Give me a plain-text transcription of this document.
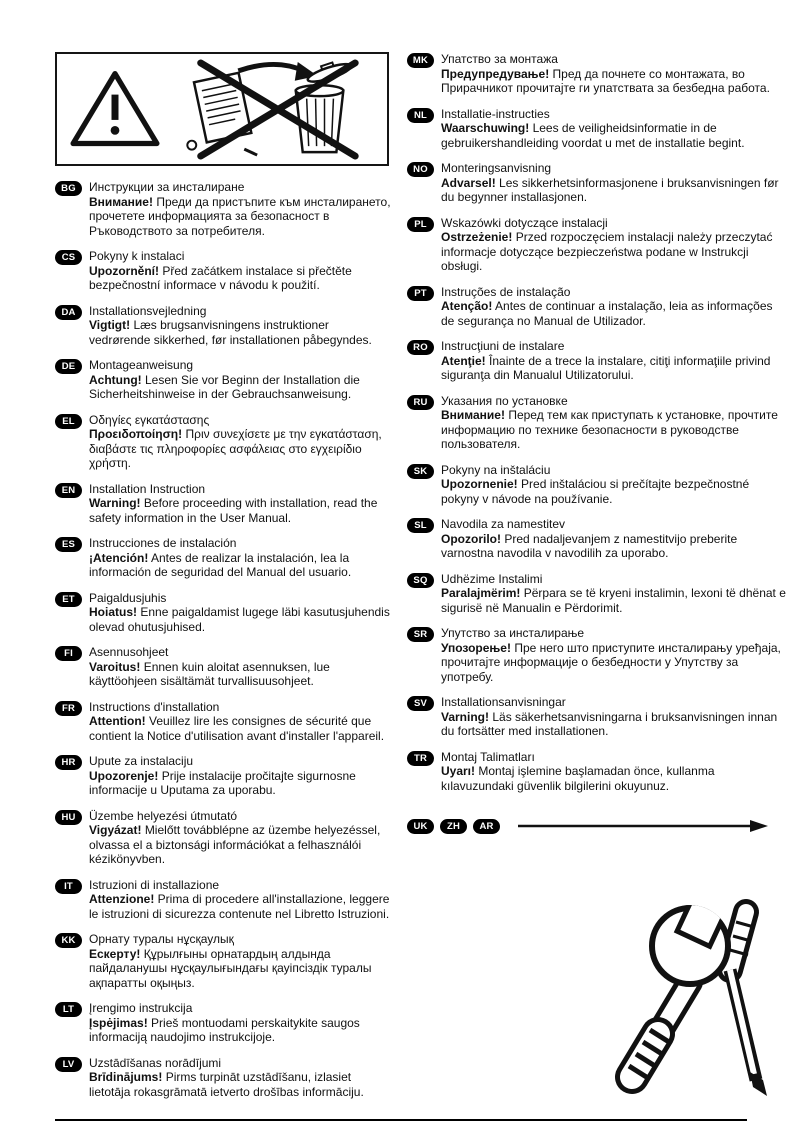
BG	Инструкции за инсталиране
Внимание! Преди да пристъпите към инсталирането, прочетете информацията за безопасност в Ръководството за потребителя.
CS	Pokyny k instalaci
Upozornění! Před začátkem instalace si přečtěte bezpečnostní informace v návodu k použití.
DA	Installationsvejledning
Vigtigt! Læs brugsanvisningens instruktioner vedrørende sikkerhed, før installationen påbegyndes.
DE	Montageanweisung
Achtung! Lesen Sie vor Beginn der Installation die Sicherheitshinweise in der Gebrauchsanweisung.
EL	Οδηγίες εγκατάστασης
Προειδοποίηση! Πριν συνεχίσετε με την εγκατάσταση, διαβάστε τις πληροφορίες ασφάλειας στο εγχειρίδιο χρήστη.
EN	Installation Instruction
Warning! Before proceeding with installation, read the safety information in the User Manual.
ES	Instrucciones de instalación
¡Atención! Antes de realizar la instalación, lea la información de seguridad del Manual del usuario.
ET	Paigaldusjuhis
Hoiatus! Enne paigaldamist lugege läbi kasutusjuhendis olevad ohutusjuhised.
FI	Asennusohjeet
Varoitus! Ennen kuin aloitat asennuksen, lue käyttöohjeen sisältämät turvallisuusohjeet.
FR	Instructions d'installation
Attention! Veuillez lire les consignes de sécurité que contient la Notice d'utilisation avant d'installer l'appareil.
HR	Upute za instalaciju
Upozorenje! Prije instalacije pročitajte sigurnosne informacije u Uputama za uporabu.
HU	Üzembe helyezési útmutató
Vigyázat! Mielőtt továbblépne az üzembe helyezéssel, olvassa el a biztonsági információkat a felhasználói kézikönyvben.
IT	Istruzioni di installazione
Attenzione! Prima di procedere all'installazione, leggere le istruzioni di sicurezza contenute nel Libretto Istruzioni.
KK	Орнату туралы нұсқаулық
Ескерту! Құрылғыны орнатардың алдында пайдаланушы нұсқаулығындағы қауіпсіздік туралы ақпаратты оқыңыз.
LT	Įrengimo instrukcija
Įspėjimas! Prieš montuodami perskaitykite saugos informaciją naudojimo instrukcijoje.
LV	Uzstādīšanas norādījumi
Brīdinājums! Pirms turpināt uzstādīšanu, izlasiet lietotāja rokasgrāmatā ietverto drošības informāciju.
MK	Упатство за монтажа
Предупредување! Пред да почнете со монтажата, во Прирачникот прочитајте ги упатствата за безбедна работа.
NL	Installatie-instructies
Waarschuwing! Lees de veiligheidsinformatie in de gebruikershandleiding voordat u met de installatie begint.
NO	Monteringsanvisning
Advarsel! Les sikkerhetsinformasjonene i bruksanvisningen før du begynner installasjonen.
PL	Wskazówki dotyczące instalacji
Ostrzeżenie! Przed rozpoczęciem instalacji należy przeczytać informacje dotyczące bezpieczeństwa podane w Instrukcji obsługi.
PT	Instruções de instalação
Atenção! Antes de continuar a instalação, leia as informações de segurança no Manual de Utilizador.
RO	Instrucţiuni de instalare
Atenţie! Înainte de a trece la instalare, citiţi informaţiile privind siguranţa din Manualul Utilizatorului.
RU	Указания по установке
Внимание! Перед тем как приступать к установке, прочтите информацию по технике безопасности в руководстве пользователя.
SK	Pokyny na inštaláciu
Upozornenie! Pred inštaláciou si prečítajte bezpečnostné pokyny v návode na používanie.
SL	Navodila za namestitev
Opozorilo! Pred nadaljevanjem z namestitvijo preberite varnostna navodila v navodilih za uporabo.
SQ	Udhëzime Instalimi
Paralajmërim! Përpara se të kryeni instalimin, lexoni të dhënat e sigurisë në Manualin e Përdorimit.
SR	Упутство за инсталирање
Упозорење! Пре него што приступите инсталирању уређаја, прочитајте информације о безбедности у Упутству за употребу.
SV	Installationsanvisningar
Varning! Läs säkerhetsanvisningarna i bruksanvisningen innan du fortsätter med installationen.
TR	Montaj Talimatları
Uyarı! Montaj işlemine başlamadan önce, kullanma kılavuzundaki güvenlik bilgilerini okuyunuz.
UK	ZH	AR
